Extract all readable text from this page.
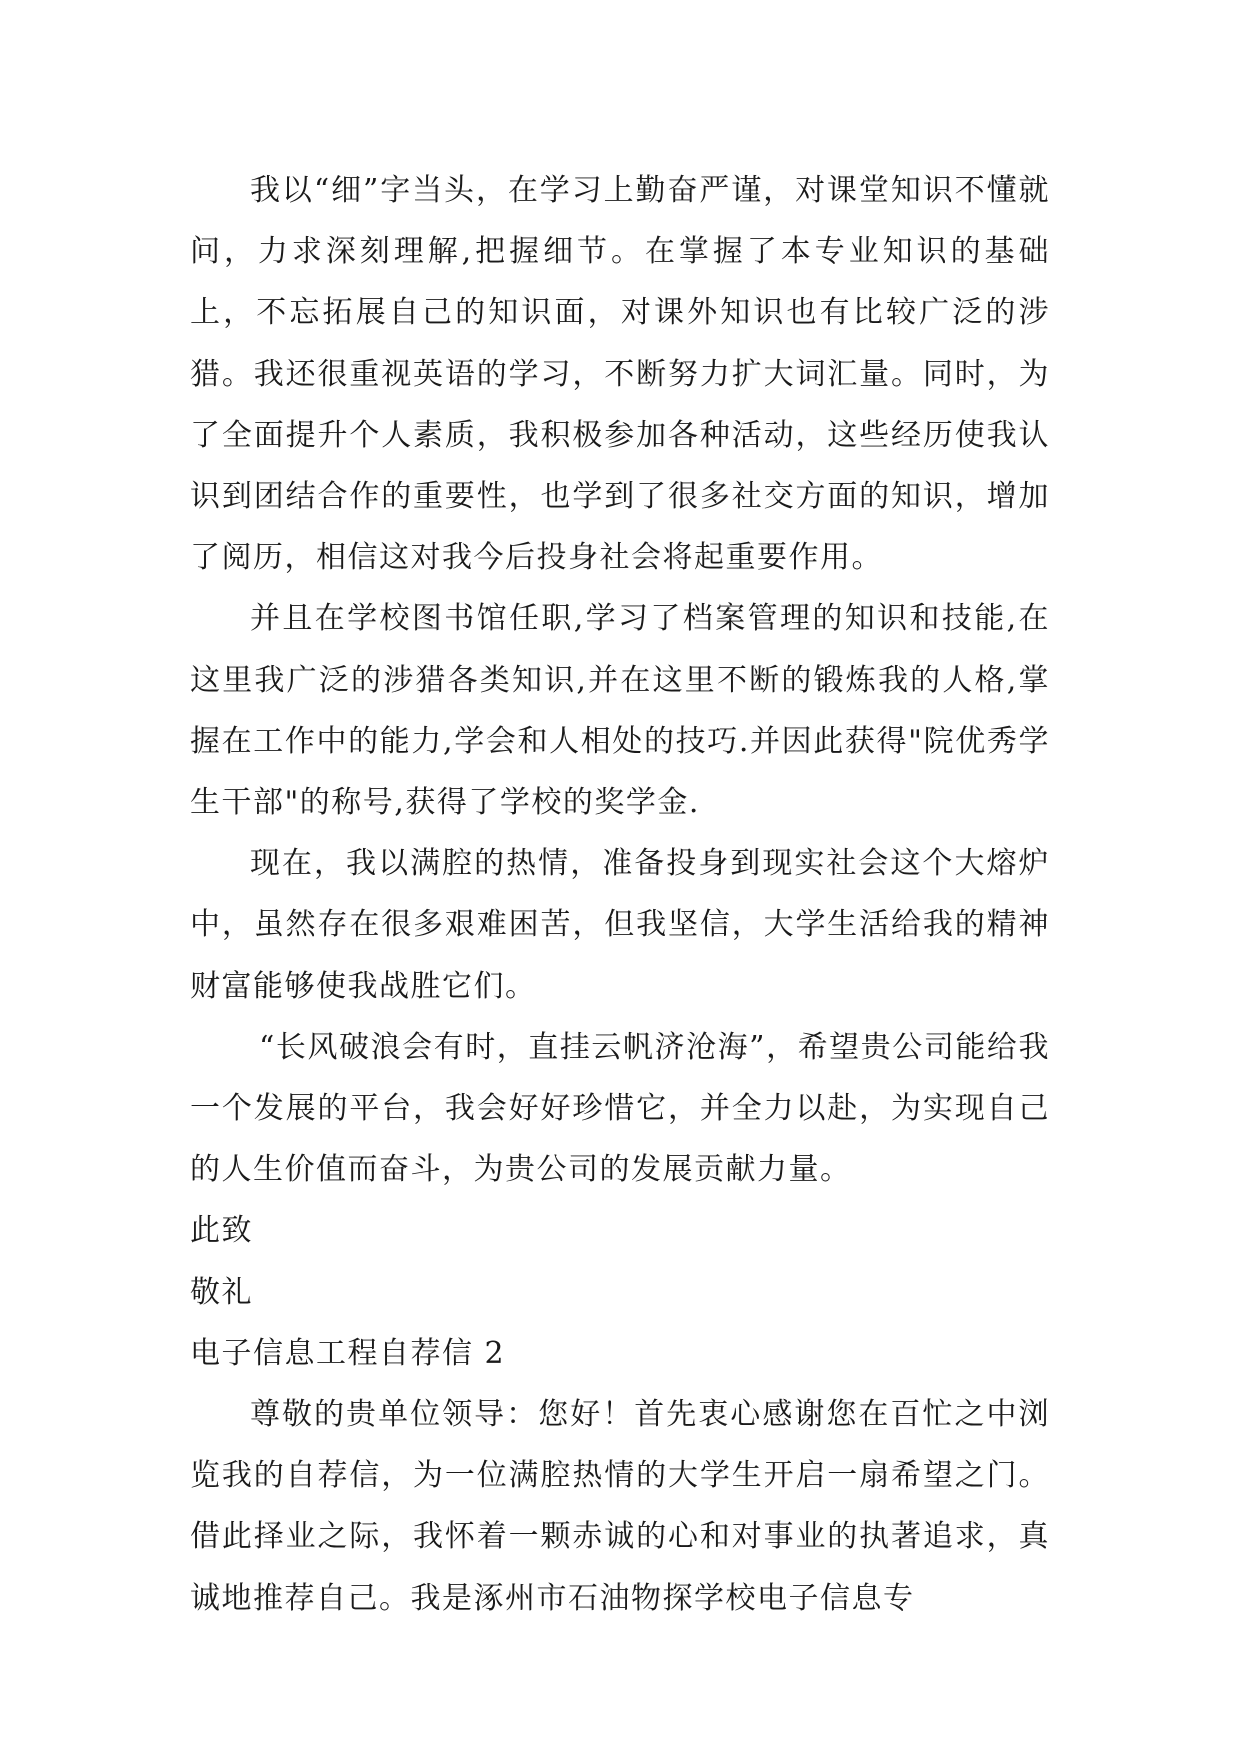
我以“细”字当头，在学习上勤奋严谨，对课堂知识不懂就问，力求深刻理解,把握细节。在掌握了本专业知识的基础上，不忘拓展自己的知识面，对课外知识也有比较广泛的涉猎。我还很重视英语的学习，不断努力扩大词汇量。同时，为了全面提升个人素质，我积极参加各种活动，这些经历使我认识到团结合作的重要性，也学到了很多社交方面的知识，增加了阅历，相信这对我今后投身社会将起重要作用。

并且在学校图书馆任职,学习了档案管理的知识和技能,在这里我广泛的涉猎各类知识,并在这里不断的锻炼我的人格,掌握在工作中的能力,学会和人相处的技巧.并因此获得"院优秀学生干部"的称号,获得了学校的奖学金.

现在，我以满腔的热情，准备投身到现实社会这个大熔炉中，虽然存在很多艰难困苦，但我坚信，大学生活给我的精神财富能够使我战胜它们。

“长风破浪会有时，直挂云帆济沧海”，希望贵公司能给我一个发展的平台，我会好好珍惜它，并全力以赴，为实现自己的人生价值而奋斗，为贵公司的发展贡献力量。

此致

敬礼

电子信息工程自荐信 2

尊敬的贵单位领导：您好！首先衷心感谢您在百忙之中浏览我的自荐信，为一位满腔热情的大学生开启一扇希望之门。借此择业之际，我怀着一颗赤诚的心和对事业的执著追求，真诚地推荐自己。我是涿州市石油物探学校电子信息专
